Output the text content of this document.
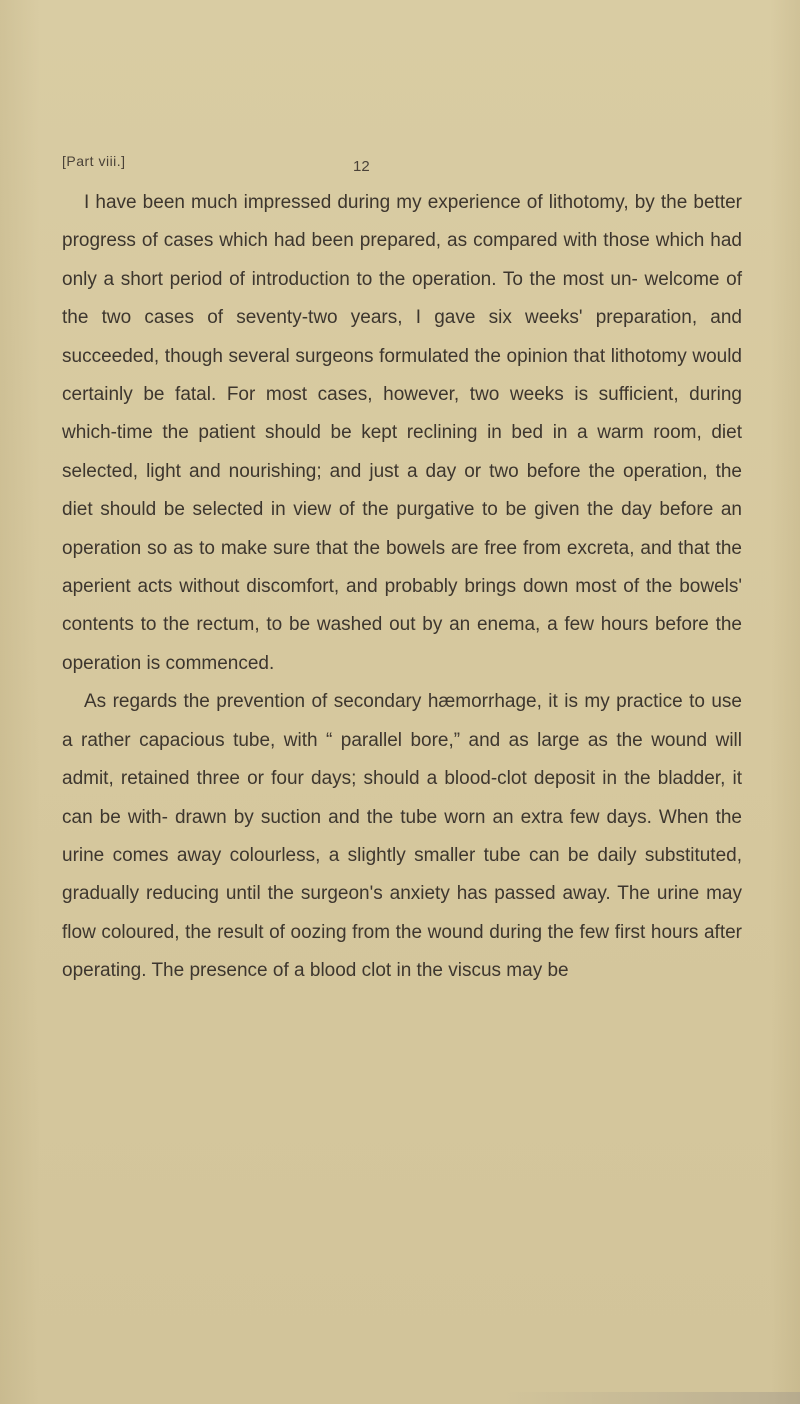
[Part viii.]	12

I have been much impressed during my experience of lithotomy, by the better progress of cases which had been prepared, as compared with those which had only a short period of introduction to the operation. To the most un- welcome of the two cases of seventy-two years, I gave six weeks' preparation, and succeeded, though several surgeons formulated the opinion that lithotomy would certainly be fatal. For most cases, however, two weeks is sufficient, during which-time the patient should be kept reclining in bed in a warm room, diet selected, light and nourishing; and just a day or two before the operation, the diet should be selected in view of the purgative to be given the day before an operation so as to make sure that the bowels are free from excreta, and that the aperient acts without discomfort, and probably brings down most of the bowels' contents to the rectum, to be washed out by an enema, a few hours before the operation is commenced.

As regards the prevention of secondary hæmorrhage, it is my practice to use a rather capacious tube, with “ parallel bore,” and as large as the wound will admit, retained three or four days; should a blood-clot deposit in the bladder, it can be with- drawn by suction and the tube worn an extra few days. When the urine comes away colourless, a slightly smaller tube can be daily substituted, gradually reducing until the surgeon's anxiety has passed away. The urine may flow coloured, the result of oozing from the wound during the few first hours after operating. The presence of a blood clot in the viscus may be
